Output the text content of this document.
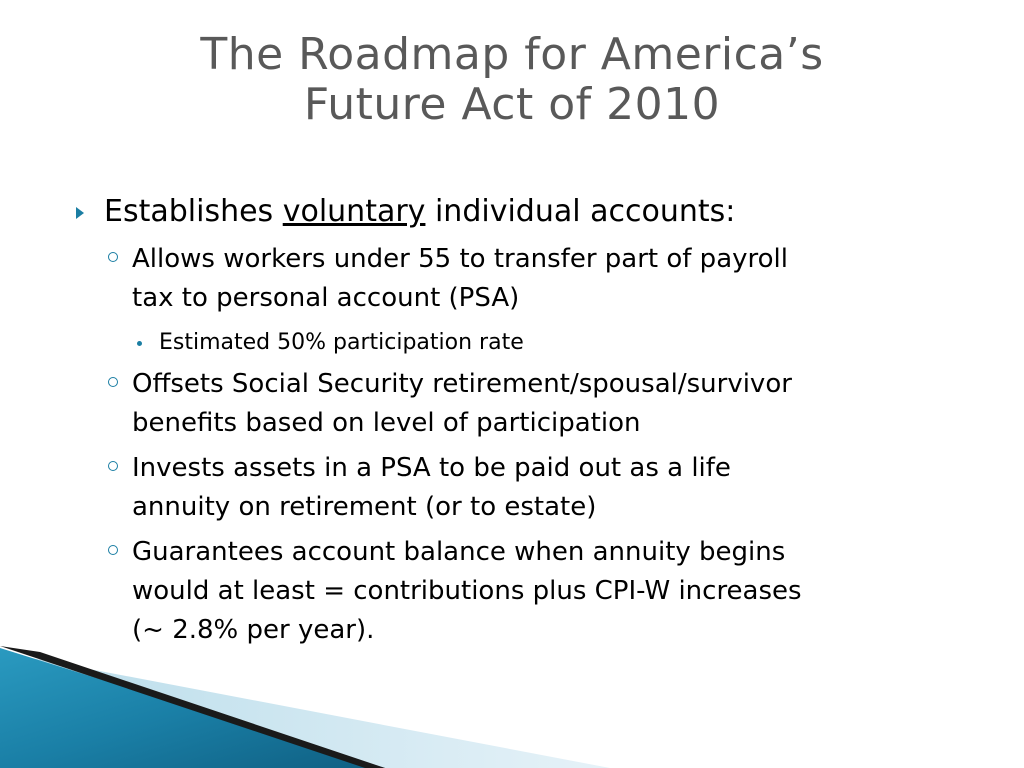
The Roadmap for America’s
Future Act of 2010
Establishes voluntary individual accounts:
Allows workers under 55 to transfer part of payroll
tax to personal account (PSA)
Estimated 50% participation rate
Offsets Social Security retirement/spousal/survivor
benefits based on level of participation
Invests assets in a PSA to be paid out as a life
annuity on retirement (or to estate)
Guarantees account balance when annuity begins
would at least = contributions plus CPI-W increases
(~ 2.8% per year).
